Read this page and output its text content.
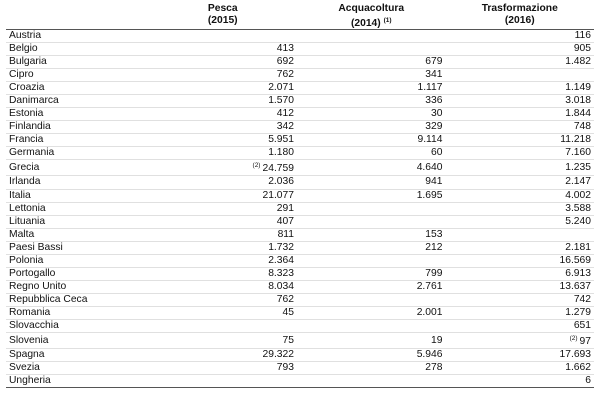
	Pesca	Acquacoltura	Trasformazione
	(2015)	(2014) $^{(1)}$	(2016)
Austria			116
Belgio	413		905
Bulgaria	692	679	1.482
Cipro	762	341	
Croazia	2.071	1.117	1.149
Danimarca	1.570	336	3.018
Estonia	412	30	1.844
Finlandia	342	329	748
Francia	5.951	9.114	11.218
Germania	1.180	60	7.160
Grecia	$^{(2)}$ 24.759	4.640	1.235
Irlanda	2.036	941	2.147
Italia	21.077	1.695	4.002
Lettonia	291		3.588
Lituania	407		5.240
Malta	811	153	
Paesi Bassi	1.732	212	2.181
Polonia	2.364		16.569
Portogallo	8.323	799	6.913
Regno Unito	8.034	2.761	13.637
Repubblica Ceca	762		742
Romania	45	2.001	1.279
Slovacchia			651
Slovenia	75	19	$^{(2)}$ 97
Spagna	29.322	5.946	17.693
Svezia	793	278	1.662
Ungheria			6
